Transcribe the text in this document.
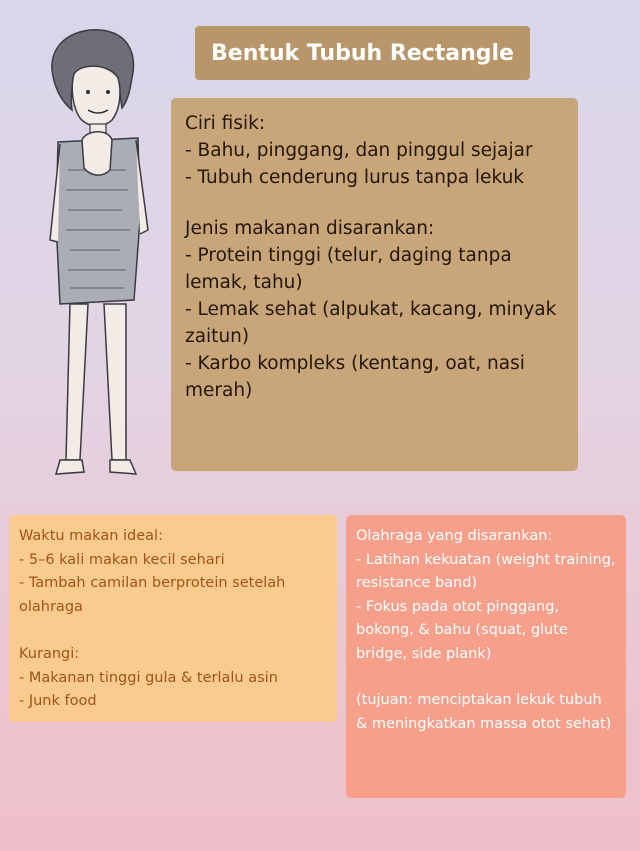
Bentuk Tubuh Rectangle

Ciri fisik:

- Bahu, pinggang, dan pinggul sejajar

- Tubuh cenderung lurus tanpa lekuk

Jenis makanan disarankan:

- Protein tinggi (telur, daging tanpa lemak, tahu)

- Lemak sehat (alpukat, kacang, minyak zaitun)

- Karbo kompleks (kentang, oat, nasi merah)

Waktu makan ideal:

- 5–6 kali makan kecil sehari

- Tambah camilan berprotein setelah olahraga

Kurangi:

- Makanan tinggi gula & terlalu asin

- Junk food

Olahraga yang disarankan:

- Latihan kekuatan (weight training, resistance band)

- Fokus pada otot pinggang, bokong, & bahu (squat, glute bridge, side plank)

(tujuan: menciptakan lekuk tubuh & meningkatkan massa otot sehat)
